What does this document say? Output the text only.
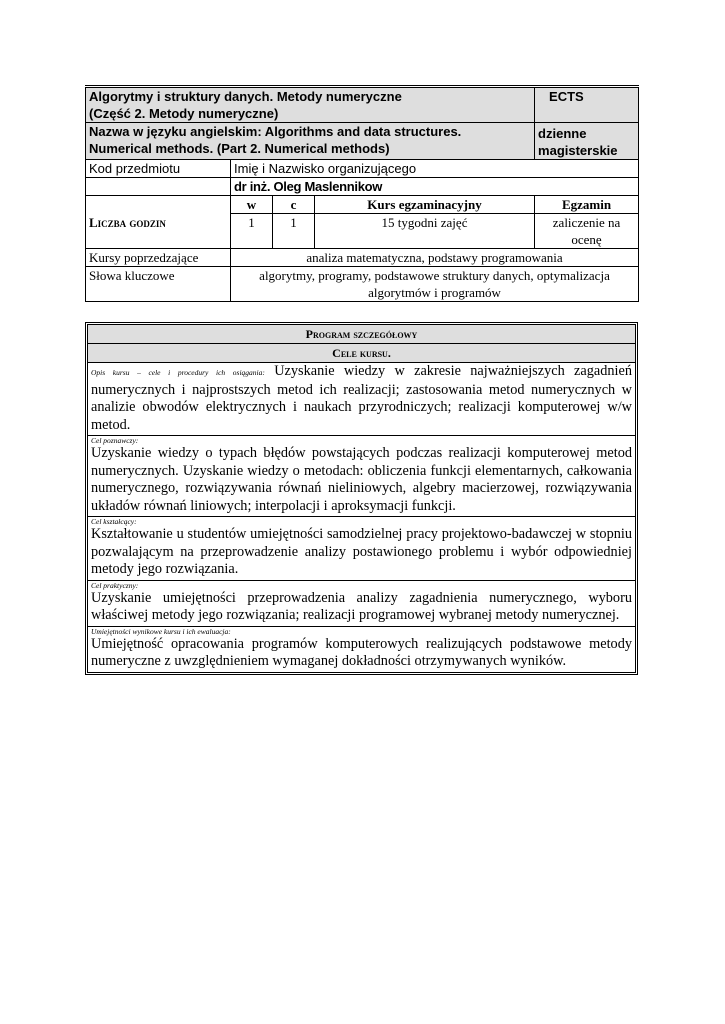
Algorytmy i struktury danych. Metody numeryczne
(Część 2. Metody numeryczne)				ECTS
Nazwa w języku angielskim: Algorithms and data structures.
Numerical methods. (Part 2. Numerical methods)				dzienne magisterskie
Kod przedmiotu	Imię i Nazwisko organizującego			
	dr inż. Oleg Maslennikow			
Liczba godzin	w	c	Kurs egzaminacyjny	Egzamin
	1	1	15 tygodni zajęć	zaliczenie na ocenę
Kursy poprzedzające	analiza matematyczna, podstawy programowania			
Słowa kluczowe	algorytmy, programy, podstawowe struktury danych, optymalizacja algorytmów i programów			
Program szczegółowy
Cele kursu.
Opis kursu – cele i procedury ich osiągania: Uzyskanie wiedzy w zakresie najważniejszych zagadnień numerycznych i najprostszych metod ich realizacji; zastosowania metod numerycznych w analizie obwodów elektrycznych i naukach przyrodniczych; realizacji komputerowej w/w metod.
Cel poznawczy:
Uzyskanie wiedzy o typach błędów powstających podczas realizacji komputerowej metod numerycznych. Uzyskanie wiedzy o metodach: obliczenia funkcji elementarnych, całkowania numerycznego, rozwiązywania równań nieliniowych, algebry macierzowej, rozwiązywania układów równań liniowych; interpolacji i aproksymacji funkcji.
Cel kształcący:
Kształtowanie u studentów umiejętności samodzielnej pracy projektowo-badawczej w stopniu pozwalającym na przeprowadzenie analizy postawionego problemu i wybór odpowiedniej metody jego rozwiązania.
Cel praktyczny:
Uzyskanie umiejętności przeprowadzenia analizy zagadnienia numerycznego, wyboru właściwej metody jego rozwiązania; realizacji programowej wybranej metody numerycznej.
Umiejętności wynikowe kursu i ich ewaluacja:
Umiejętność opracowania programów komputerowych realizujących podstawowe metody numeryczne z uwzględnieniem wymaganej dokładności otrzymywanych wyników.
